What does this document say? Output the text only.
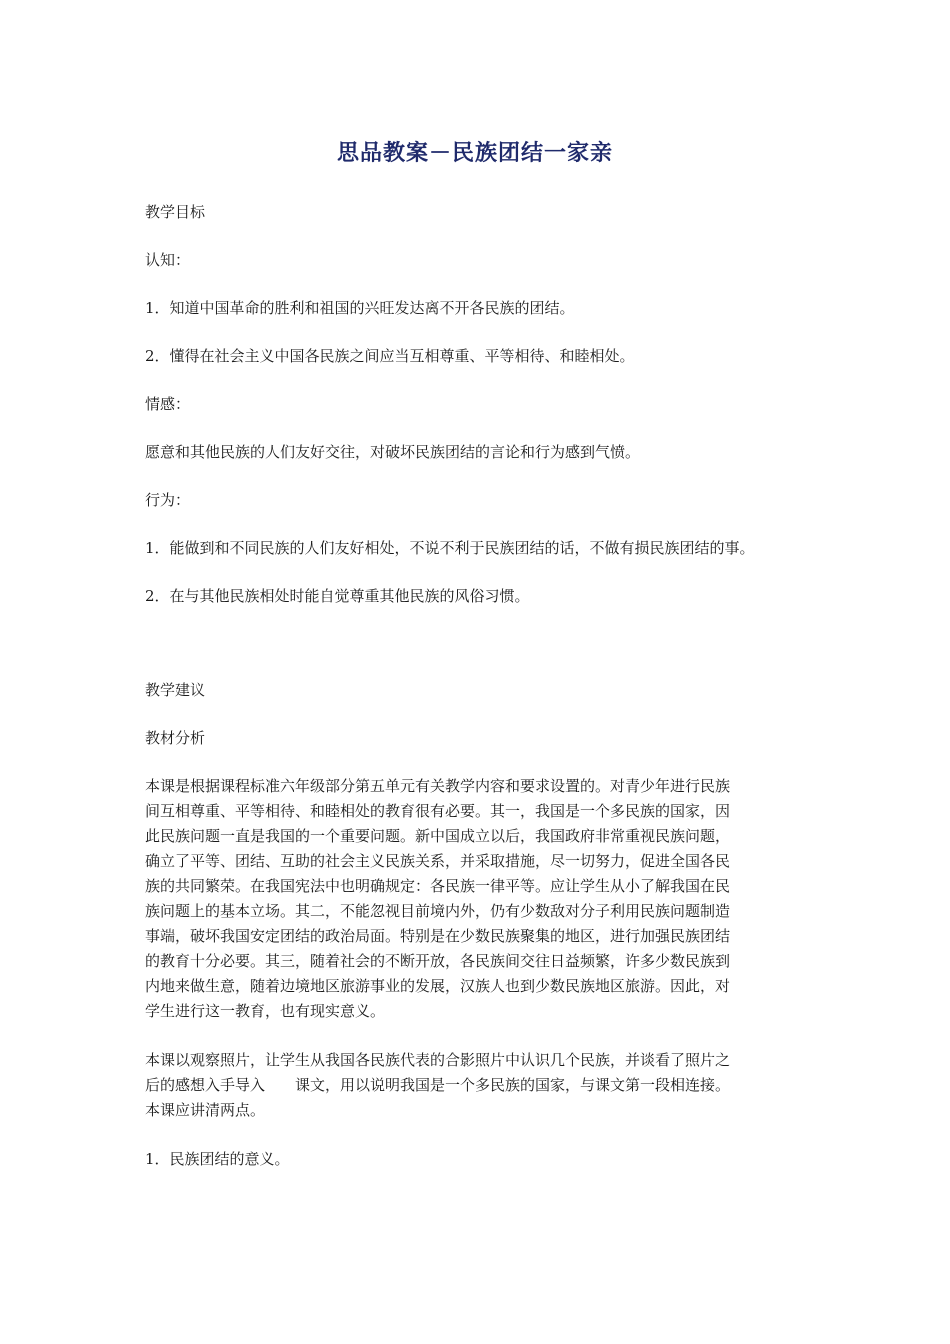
思品教案－民族团结一家亲

教学目标

认知：

1．知道中国革命的胜利和祖国的兴旺发达离不开各民族的团结。

2．懂得在社会主义中国各民族之间应当互相尊重、平等相待、和睦相处。

情感：

愿意和其他民族的人们友好交往，对破坏民族团结的言论和行为感到气愤。

行为：

1．能做到和不同民族的人们友好相处，不说不利于民族团结的话，不做有损民族团结的事。

2．在与其他民族相处时能自觉尊重其他民族的风俗习惯。

教学建议

教材分析

本课是根据课程标准六年级部分第五单元有关教学内容和要求设置的。对青少年进行民族

间互相尊重、平等相待、和睦相处的教育很有必要。其一，我国是一个多民族的国家，因

此民族问题一直是我国的一个重要问题。新中国成立以后，我国政府非常重视民族问题，

确立了平等、团结、互助的社会主义民族关系，并采取措施，尽一切努力，促进全国各民

族的共同繁荣。在我国宪法中也明确规定：各民族一律平等。应让学生从小了解我国在民

族问题上的基本立场。其二，不能忽视目前境内外，仍有少数敌对分子利用民族问题制造

事端，破坏我国安定团结的政治局面。特别是在少数民族聚集的地区，进行加强民族团结

的教育十分必要。其三，随着社会的不断开放，各民族间交往日益频繁，许多少数民族到

内地来做生意，随着边境地区旅游事业的发展，汉族人也到少数民族地区旅游。因此，对

学生进行这一教育，也有现实意义。

本课以观察照片，让学生从我国各民族代表的合影照片中认识几个民族，并谈看了照片之

后的感想入手导入 课文，用以说明我国是一个多民族的国家，与课文第一段相连接。

本课应讲清两点。

1．民族团结的意义。
